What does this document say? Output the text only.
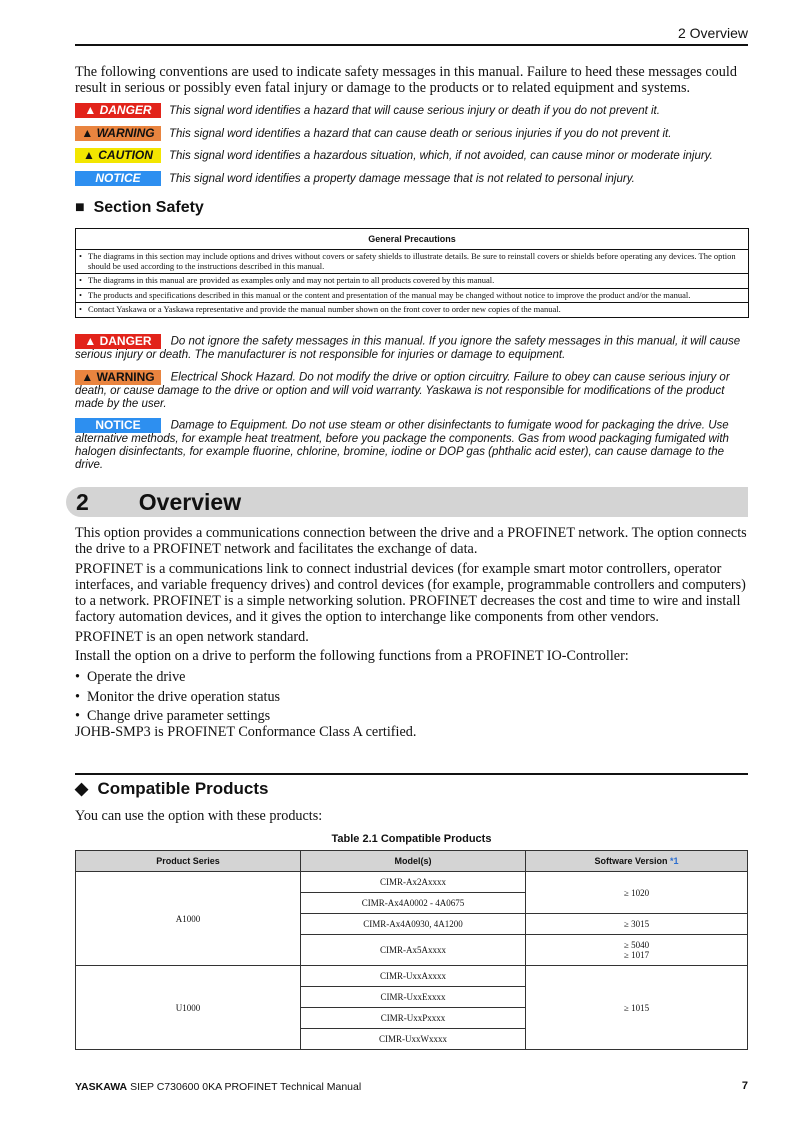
2 Overview
The following conventions are used to indicate safety messages in this manual. Failure to heed these messages could result in serious or possibly even fatal injury or damage to the products or to related equipment and systems.
▲ DANGER This signal word identifies a hazard that will cause serious injury or death if you do not prevent it.
▲ WARNING This signal word identifies a hazard that can cause death or serious injuries if you do not prevent it.
▲ CAUTION This signal word identifies a hazardous situation, which, if not avoided, can cause minor or moderate injury.
NOTICE This signal word identifies a property damage message that is not related to personal injury.
■ Section Safety
General Precautions
• The diagrams in this section may include options and drives without covers or safety shields to illustrate details. Be sure to reinstall covers or shields before operating any devices. The option should be used according to the instructions described in this manual.
• The diagrams in this manual are provided as examples only and may not pertain to all products covered by this manual.
• The products and specifications described in this manual or the content and presentation of the manual may be changed without notice to improve the product and/or the manual.
• Contact Yaskawa or a Yaskawa representative and provide the manual number shown on the front cover to order new copies of the manual.
▲ DANGER Do not ignore the safety messages in this manual. If you ignore the safety messages in this manual, it will cause serious injury or death. The manufacturer is not responsible for injuries or damage to equipment.
▲ WARNING Electrical Shock Hazard. Do not modify the drive or option circuitry. Failure to obey can cause serious injury or death, or cause damage to the drive or option and will void warranty. Yaskawa is not responsible for modifications of the product made by the user.
NOTICE	Damage to Equipment. Do not use steam or other disinfectants to fumigate wood for packaging the drive. Use alternative methods, for example heat treatment, before you package the components. Gas from wood packaging fumigated with halogen disinfectants, for example fluorine, chlorine, bromine, iodine or DOP gas (phthalic acid ester), can cause damage to the drive.
2 Overview
This option provides a communications connection between the drive and a PROFINET network. The option connects the drive to a PROFINET network and facilitates the exchange of data.
PROFINET is a communications link to connect industrial devices (for example smart motor controllers, operator interfaces, and variable frequency drives) and control devices (for example, programmable controllers and computers) to a network. PROFINET is a simple networking solution. PROFINET decreases the cost and time to wire and install factory automation devices, and it gives the option to interchange like components from other vendors.
PROFINET is an open network standard.
Install the option on a drive to perform the following functions from a PROFINET IO-Controller:
• Operate the drive
• Monitor the drive operation status
• Change drive parameter settings
JOHB-SMP3 is PROFINET Conformance Class A certified.
◆ Compatible Products
You can use the option with these products:
Table 2.1 Compatible Products
Product Series	Model(s)	Software Version *1
A1000	CIMR-Ax2Axxxx	≥ 1020
	CIMR-Ax4A0002 - 4A0675	
	CIMR-Ax4A0930, 4A1200	≥ 3015
	CIMR-Ax5Axxxx	≥ 5040
≥ 1017

U1000	CIMR-UxxAxxxx	≥ 1015
	CIMR-UxxExxxx	
	CIMR-UxxPxxxx	
	CIMR-UxxWxxxx	
YASKAWA SIEP C730600 0KA PROFINET Technical Manual	7
